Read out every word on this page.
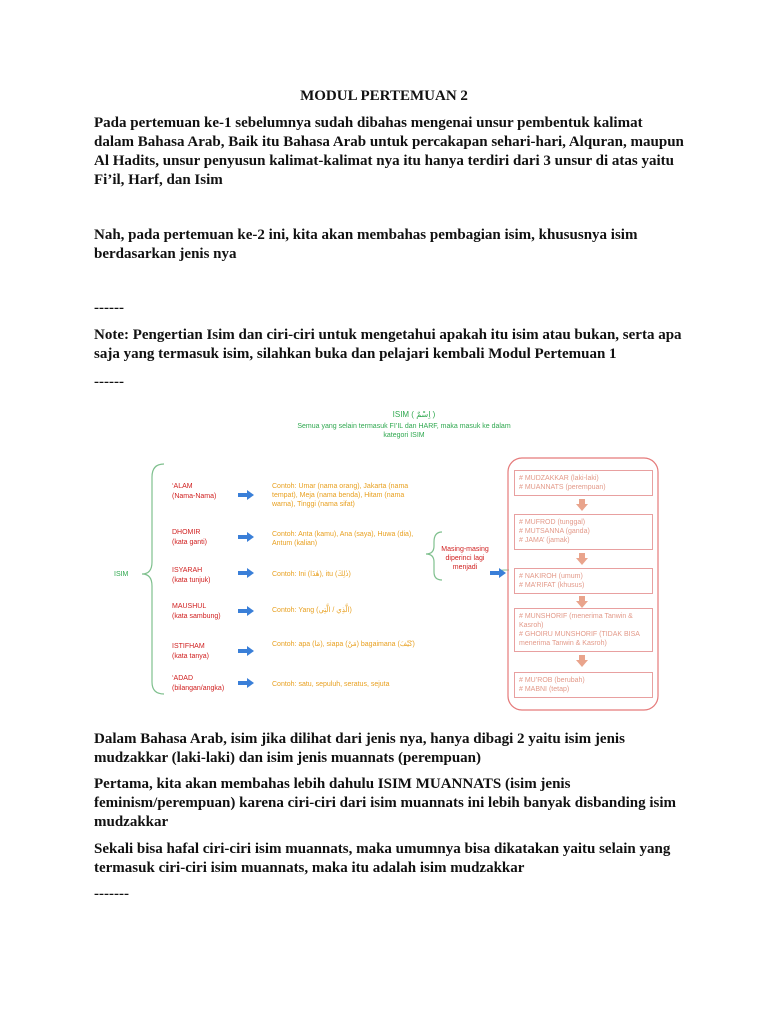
MODUL PERTEMUAN 2

Pada pertemuan ke-1 sebelumnya sudah dibahas mengenai unsur pembentuk kalimat dalam Bahasa Arab, Baik itu Bahasa Arab untuk percakapan sehari-hari, Alquran, maupun Al Hadits, unsur penyusun kalimat-kalimat nya itu hanya terdiri dari 3 unsur di atas yaitu Fi’il, Harf, dan Isim

Nah, pada pertemuan ke-2 ini, kita akan membahas pembagian isim, khususnya isim berdasarkan jenis nya

------

Note: Pengertian Isim dan ciri-ciri untuk mengetahui apakah itu isim atau bukan, serta apa saja yang termasuk isim, silahkan buka dan pelajari kembali Modul Pertemuan 1

------
ISIM ( اِسْمٌ )
Semua yang selain termasuk FI’IL dan HARF, maka masuk ke dalam kategori ISIM
ISIM
Masing-masing diperinci lagi menjadi
‘ALAM
(Nama-Nama)
Contoh: Umar (nama orang), Jakarta (nama tempat), Meja (nama benda), Hitam (nama warna), Tinggi (nama sifat)
DHOMIR
(kata ganti)
Contoh: Anta (kamu), Ana (saya), Huwa (dia), Antum (kalian)
ISYARAH
(kata tunjuk)
Contoh: Ini (هٰذَا), itu (ذٰلِكَ)
MAUSHUL
(kata sambung)
Contoh: Yang (الَّذِي / الَّتِي)
ISTIFHAM
(kata tanya)
Contoh: apa (مَا), siapa (مَنْ) bagaimana (كَيْفَ)
‘ADAD
(bilangan/angka)
Contoh: satu, sepuluh, seratus, sejuta
# MUDZAKKAR (laki-laki)
# MUANNATS (perempuan)
# MUFROD (tunggal)
# MUTSANNA (ganda)
# JAMA’ (jamak)
# NAKIROH (umum)
# MA’RIFAT (khusus)
# MUNSHORIF (menerima Tanwin & Kasroh)
# GHOIRU MUNSHORIF (TIDAK BISA menerima Tanwin & Kasroh)
# MU’ROB (berubah)
# MABNI (tetap)

Dalam Bahasa Arab, isim jika dilihat dari jenis nya, hanya dibagi 2 yaitu isim jenis mudzakkar (laki-laki) dan isim jenis muannats (perempuan)

Pertama, kita akan membahas lebih dahulu ISIM MUANNATS (isim jenis feminism/perempuan) karena ciri-ciri dari isim muannats ini lebih banyak disbanding isim mudzakkar

Sekali bisa hafal ciri-ciri isim muannats, maka umumnya bisa dikatakan yaitu selain yang termasuk ciri-ciri isim muannats, maka itu adalah isim mudzakkar

-------
